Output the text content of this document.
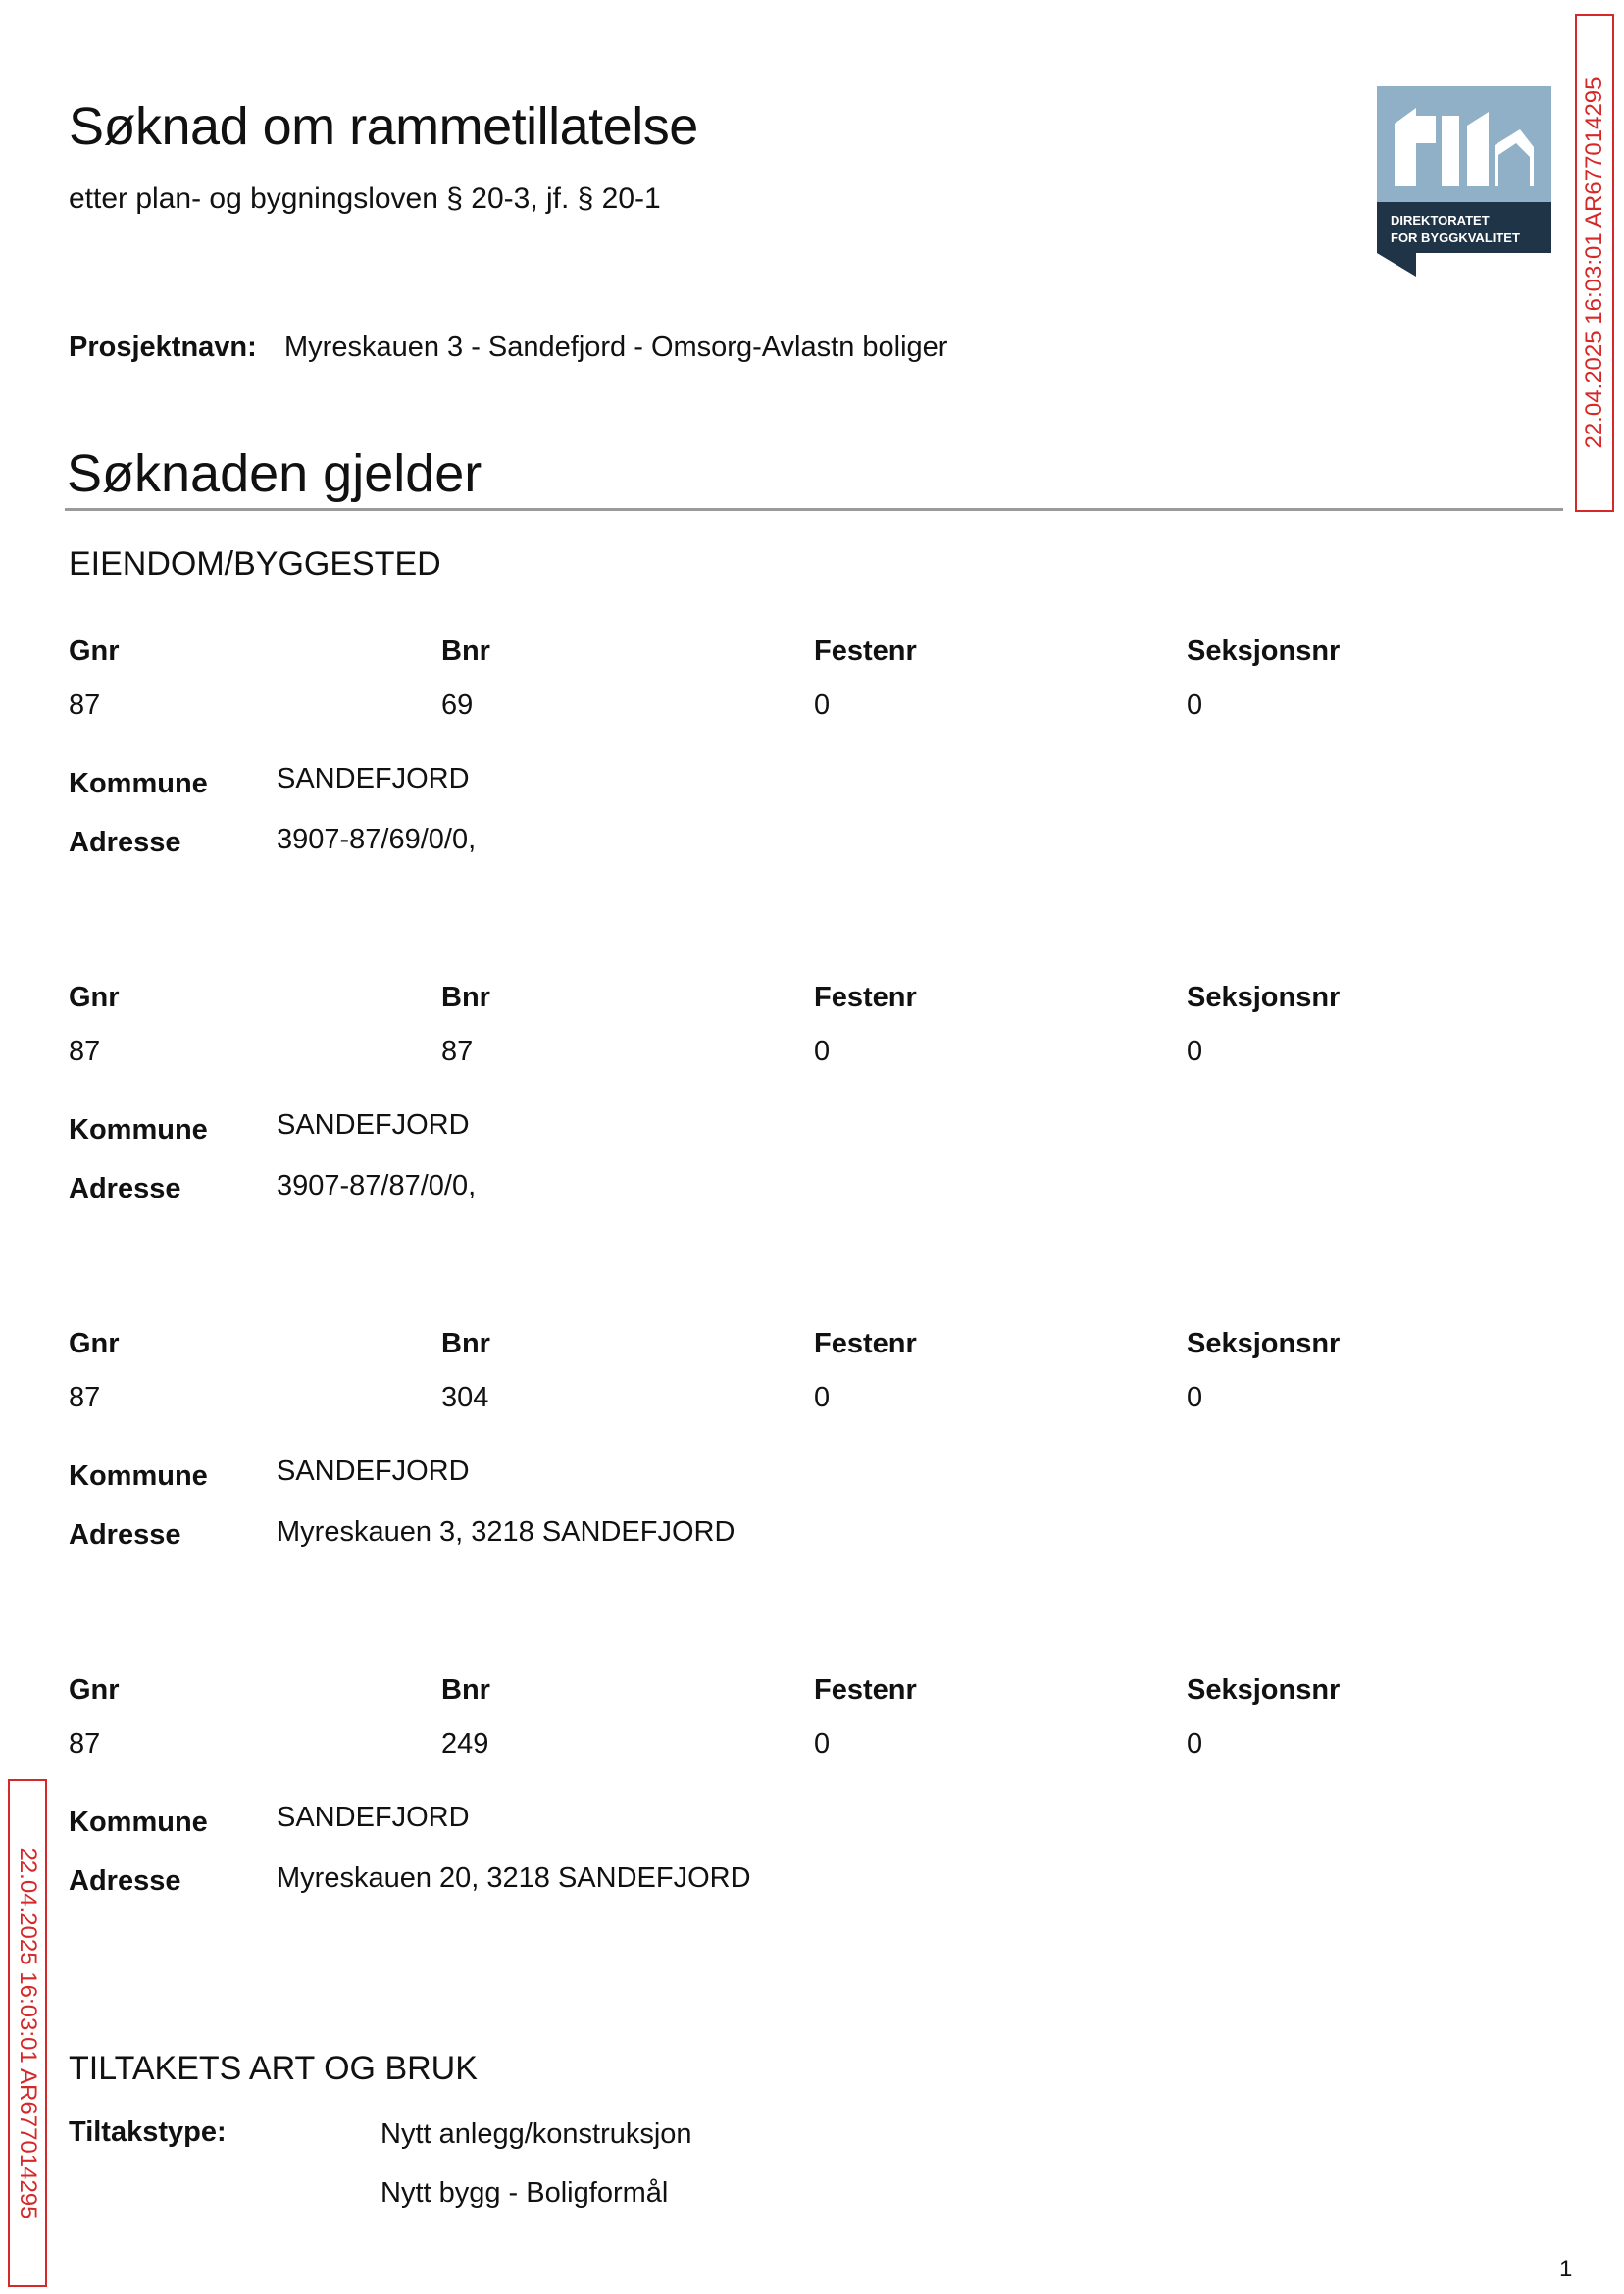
Søknad om rammetillatelse
etter plan- og bygningsloven § 20-3, jf. § 20-1
DIREKTORATET
FOR BYGGKVALITET	22.04.2025 16:03:01 AR677014295
Prosjektnavn: Myreskauen 3 - Sandefjord - Omsorg-Avlastn boliger
Søknaden gjelder
EIENDOM/BYGGESTED
Gnr	Bnr	Festenr	Seksjonsnr
87	69	0	0
Kommune SANDEFJORD
Adresse	3907-87/69/0/0,
Gnr	Bnr	Festenr	Seksjonsnr
87	87	0	0
Kommune SANDEFJORD
Adresse	3907-87/87/0/0,
Gnr	Bnr	Festenr	Seksjonsnr
87	304	0	0
Kommune SANDEFJORD
Adresse	Myreskauen 3, 3218 SANDEFJORD
Gnr	Bnr	Festenr	Seksjonsnr
87	249	0	0
Kommune SANDEFJORD
Adresse	Myreskauen 20, 3218 SANDEFJORD
22.04.2025 16:03:01 AR677014295 TILTAKETS ART OG BRUK
Tiltakstype:	Nytt anlegg/konstruksjon
Nytt bygg - Boligformål
1
